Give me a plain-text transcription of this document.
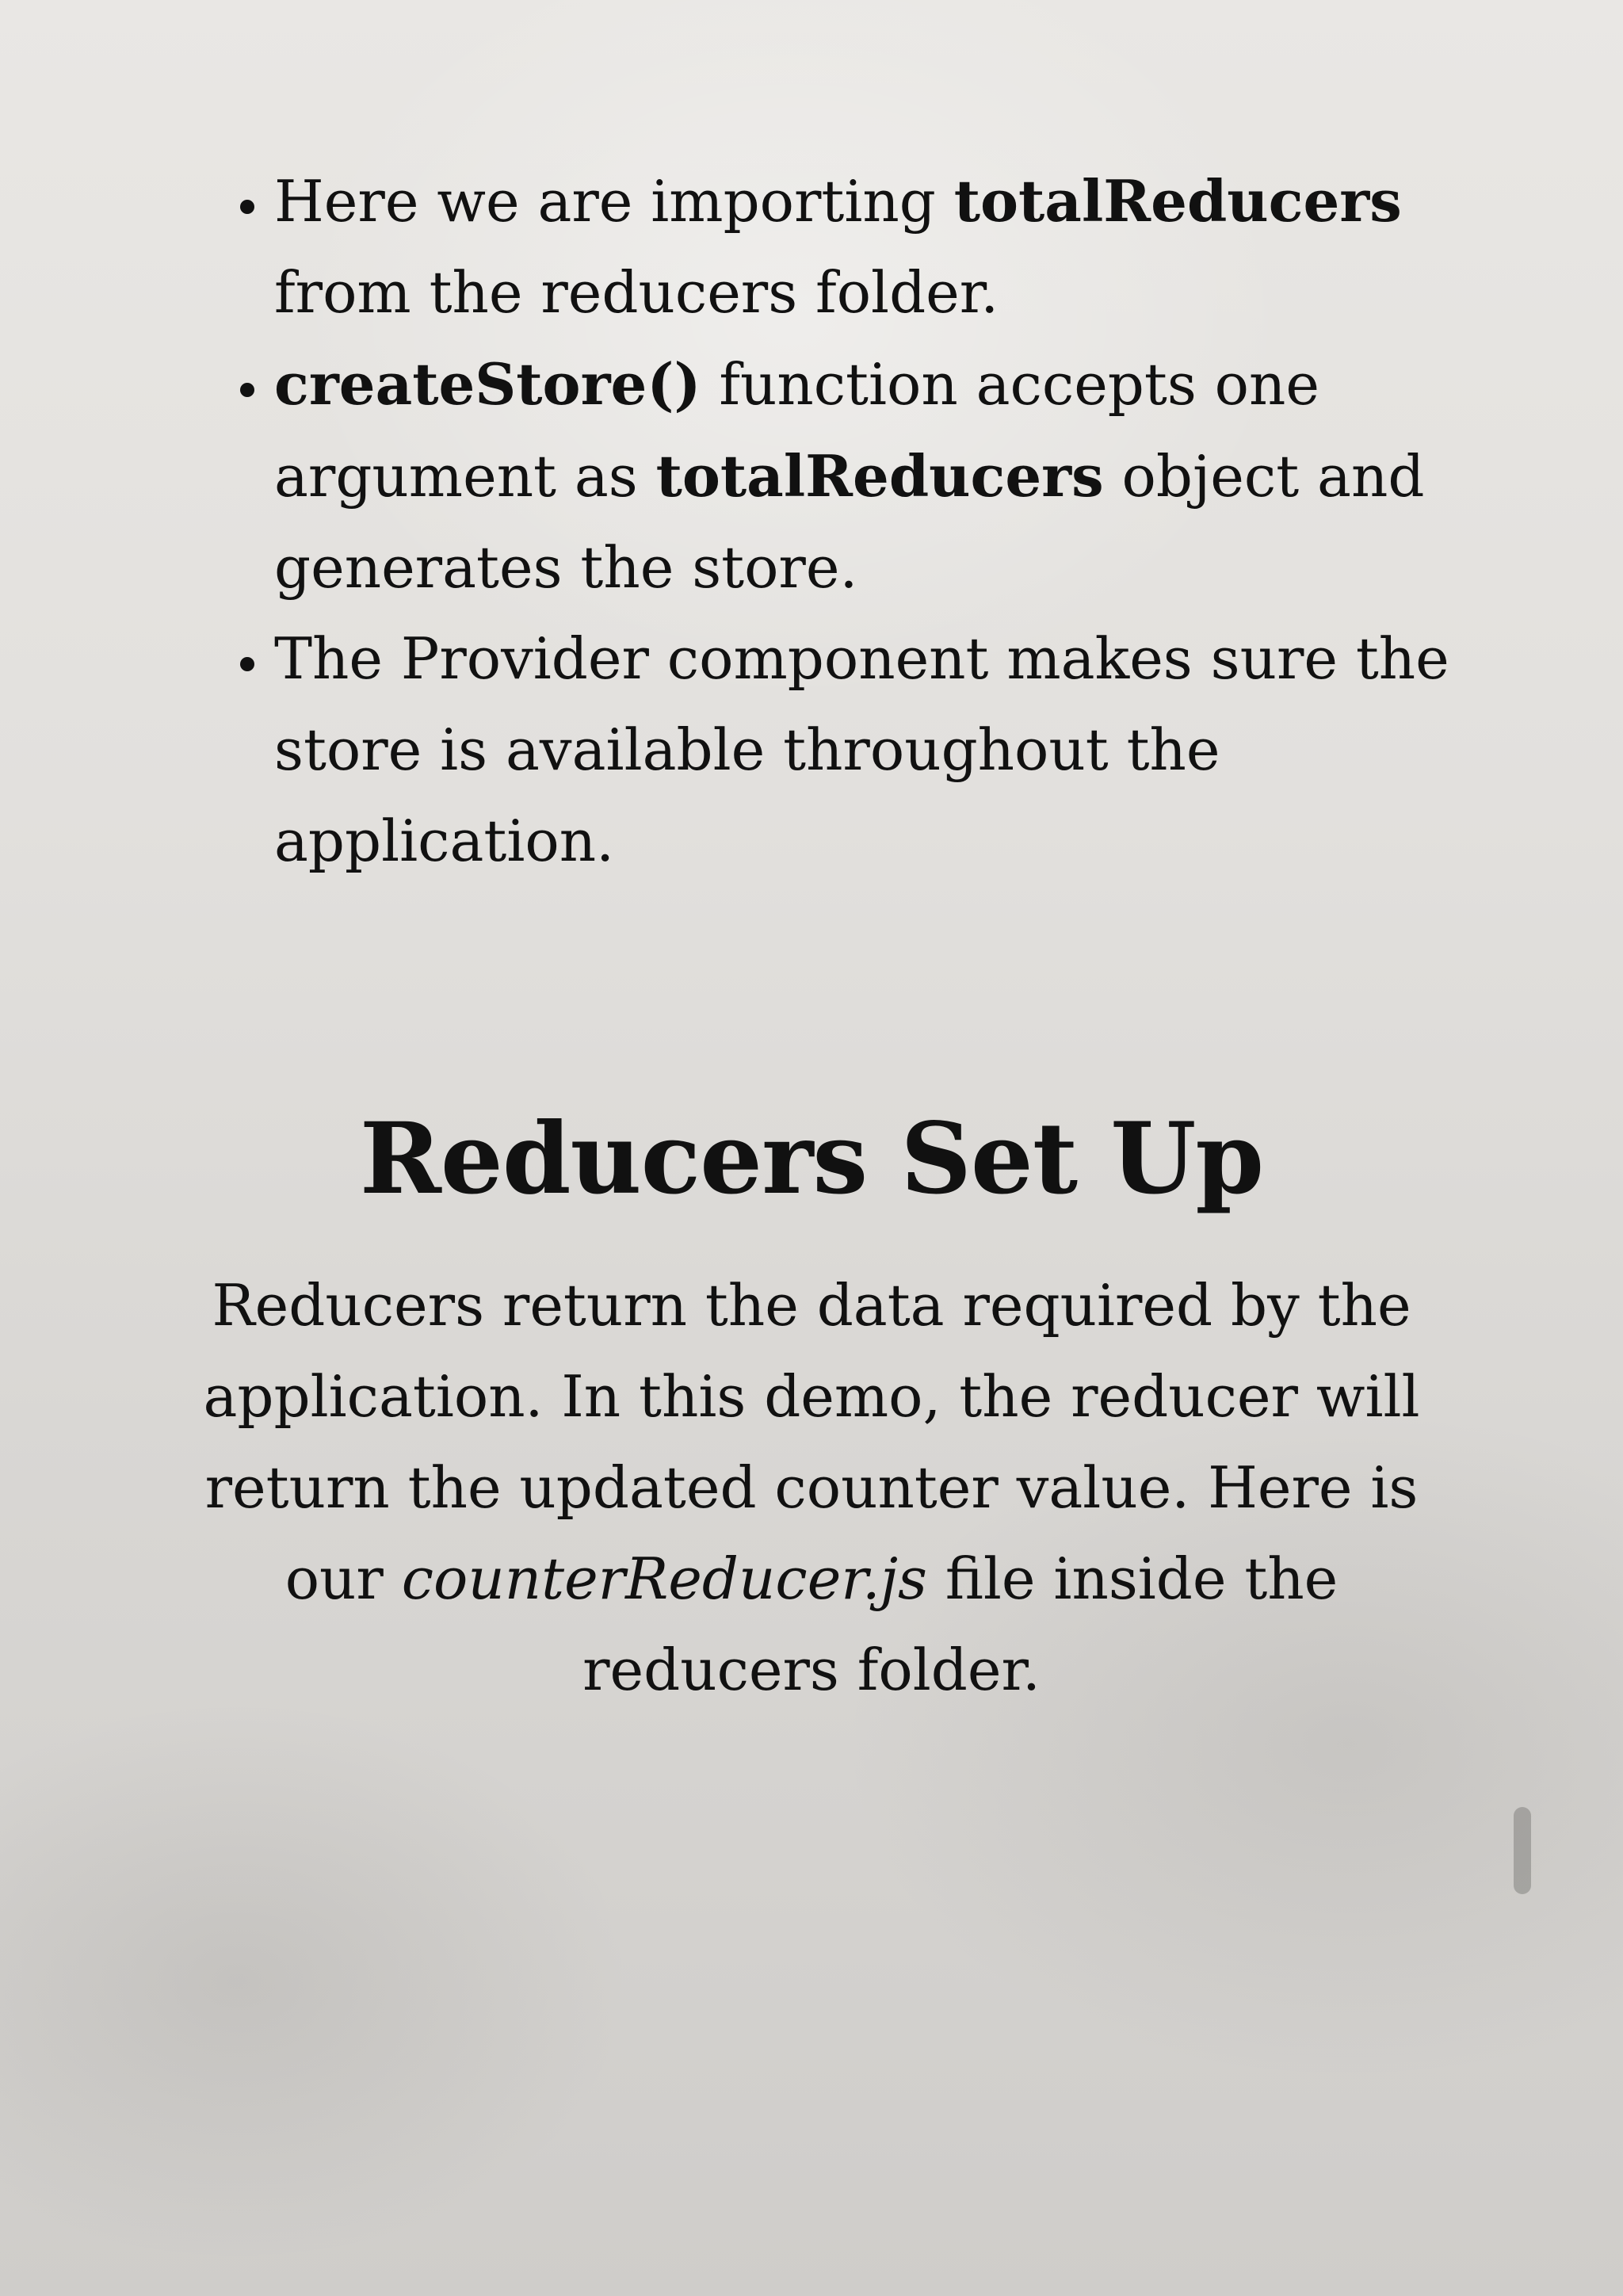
• Here we are importing totalReducers from the reducers folder.
• createStore() function accepts one argument as totalReducers object and generates the store.
• The Provider component makes sure the store is available throughout the application.
Reducers Set Up

Reducers return the data required by the application. In this demo, the reducer will return the updated counter value. Here is our counterReducer.js file inside the reducers folder.
